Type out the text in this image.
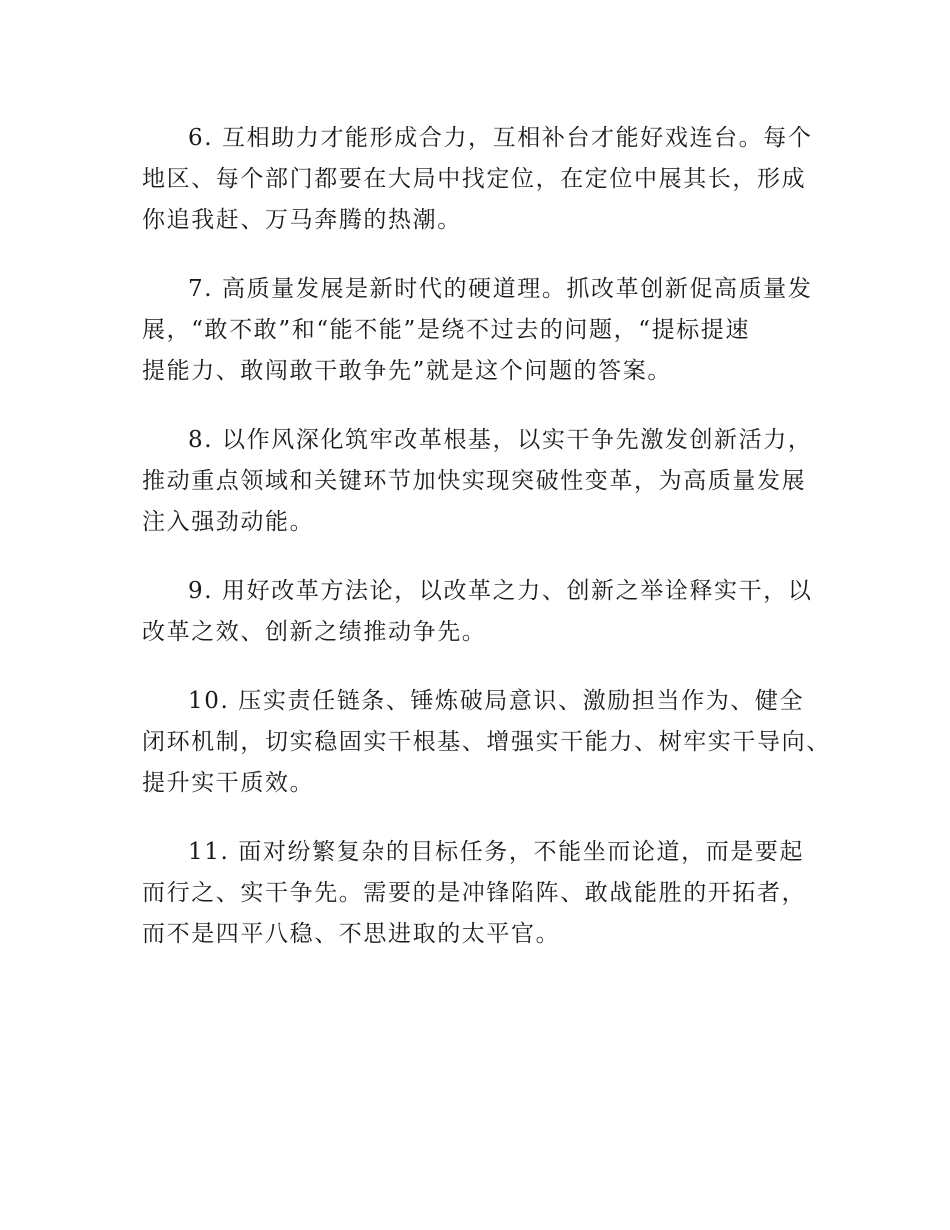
6. 互相助力才能形成合力，互相补台才能好戏连台。每个
地区、每个部门都要在大局中找定位，在定位中展其长，形成
你追我赶、万马奔腾的热潮。

7. 高质量发展是新时代的硬道理。抓改革创新促高质量发
展，“敢不敢”和“能不能”是绕不过去的问题，“提标提速
提能力、敢闯敢干敢争先”就是这个问题的答案。

8. 以作风深化筑牢改革根基，以实干争先激发创新活力，
推动重点领域和关键环节加快实现突破性变革，为高质量发展
注入强劲动能。

9. 用好改革方法论，以改革之力、创新之举诠释实干，以
改革之效、创新之绩推动争先。

10. 压实责任链条、锤炼破局意识、激励担当作为、健全
闭环机制，切实稳固实干根基、增强实干能力、树牢实干导向、
提升实干质效。

11. 面对纷繁复杂的目标任务，不能坐而论道，而是要起
而行之、实干争先。需要的是冲锋陷阵、敢战能胜的开拓者，
而不是四平八稳、不思进取的太平官。
